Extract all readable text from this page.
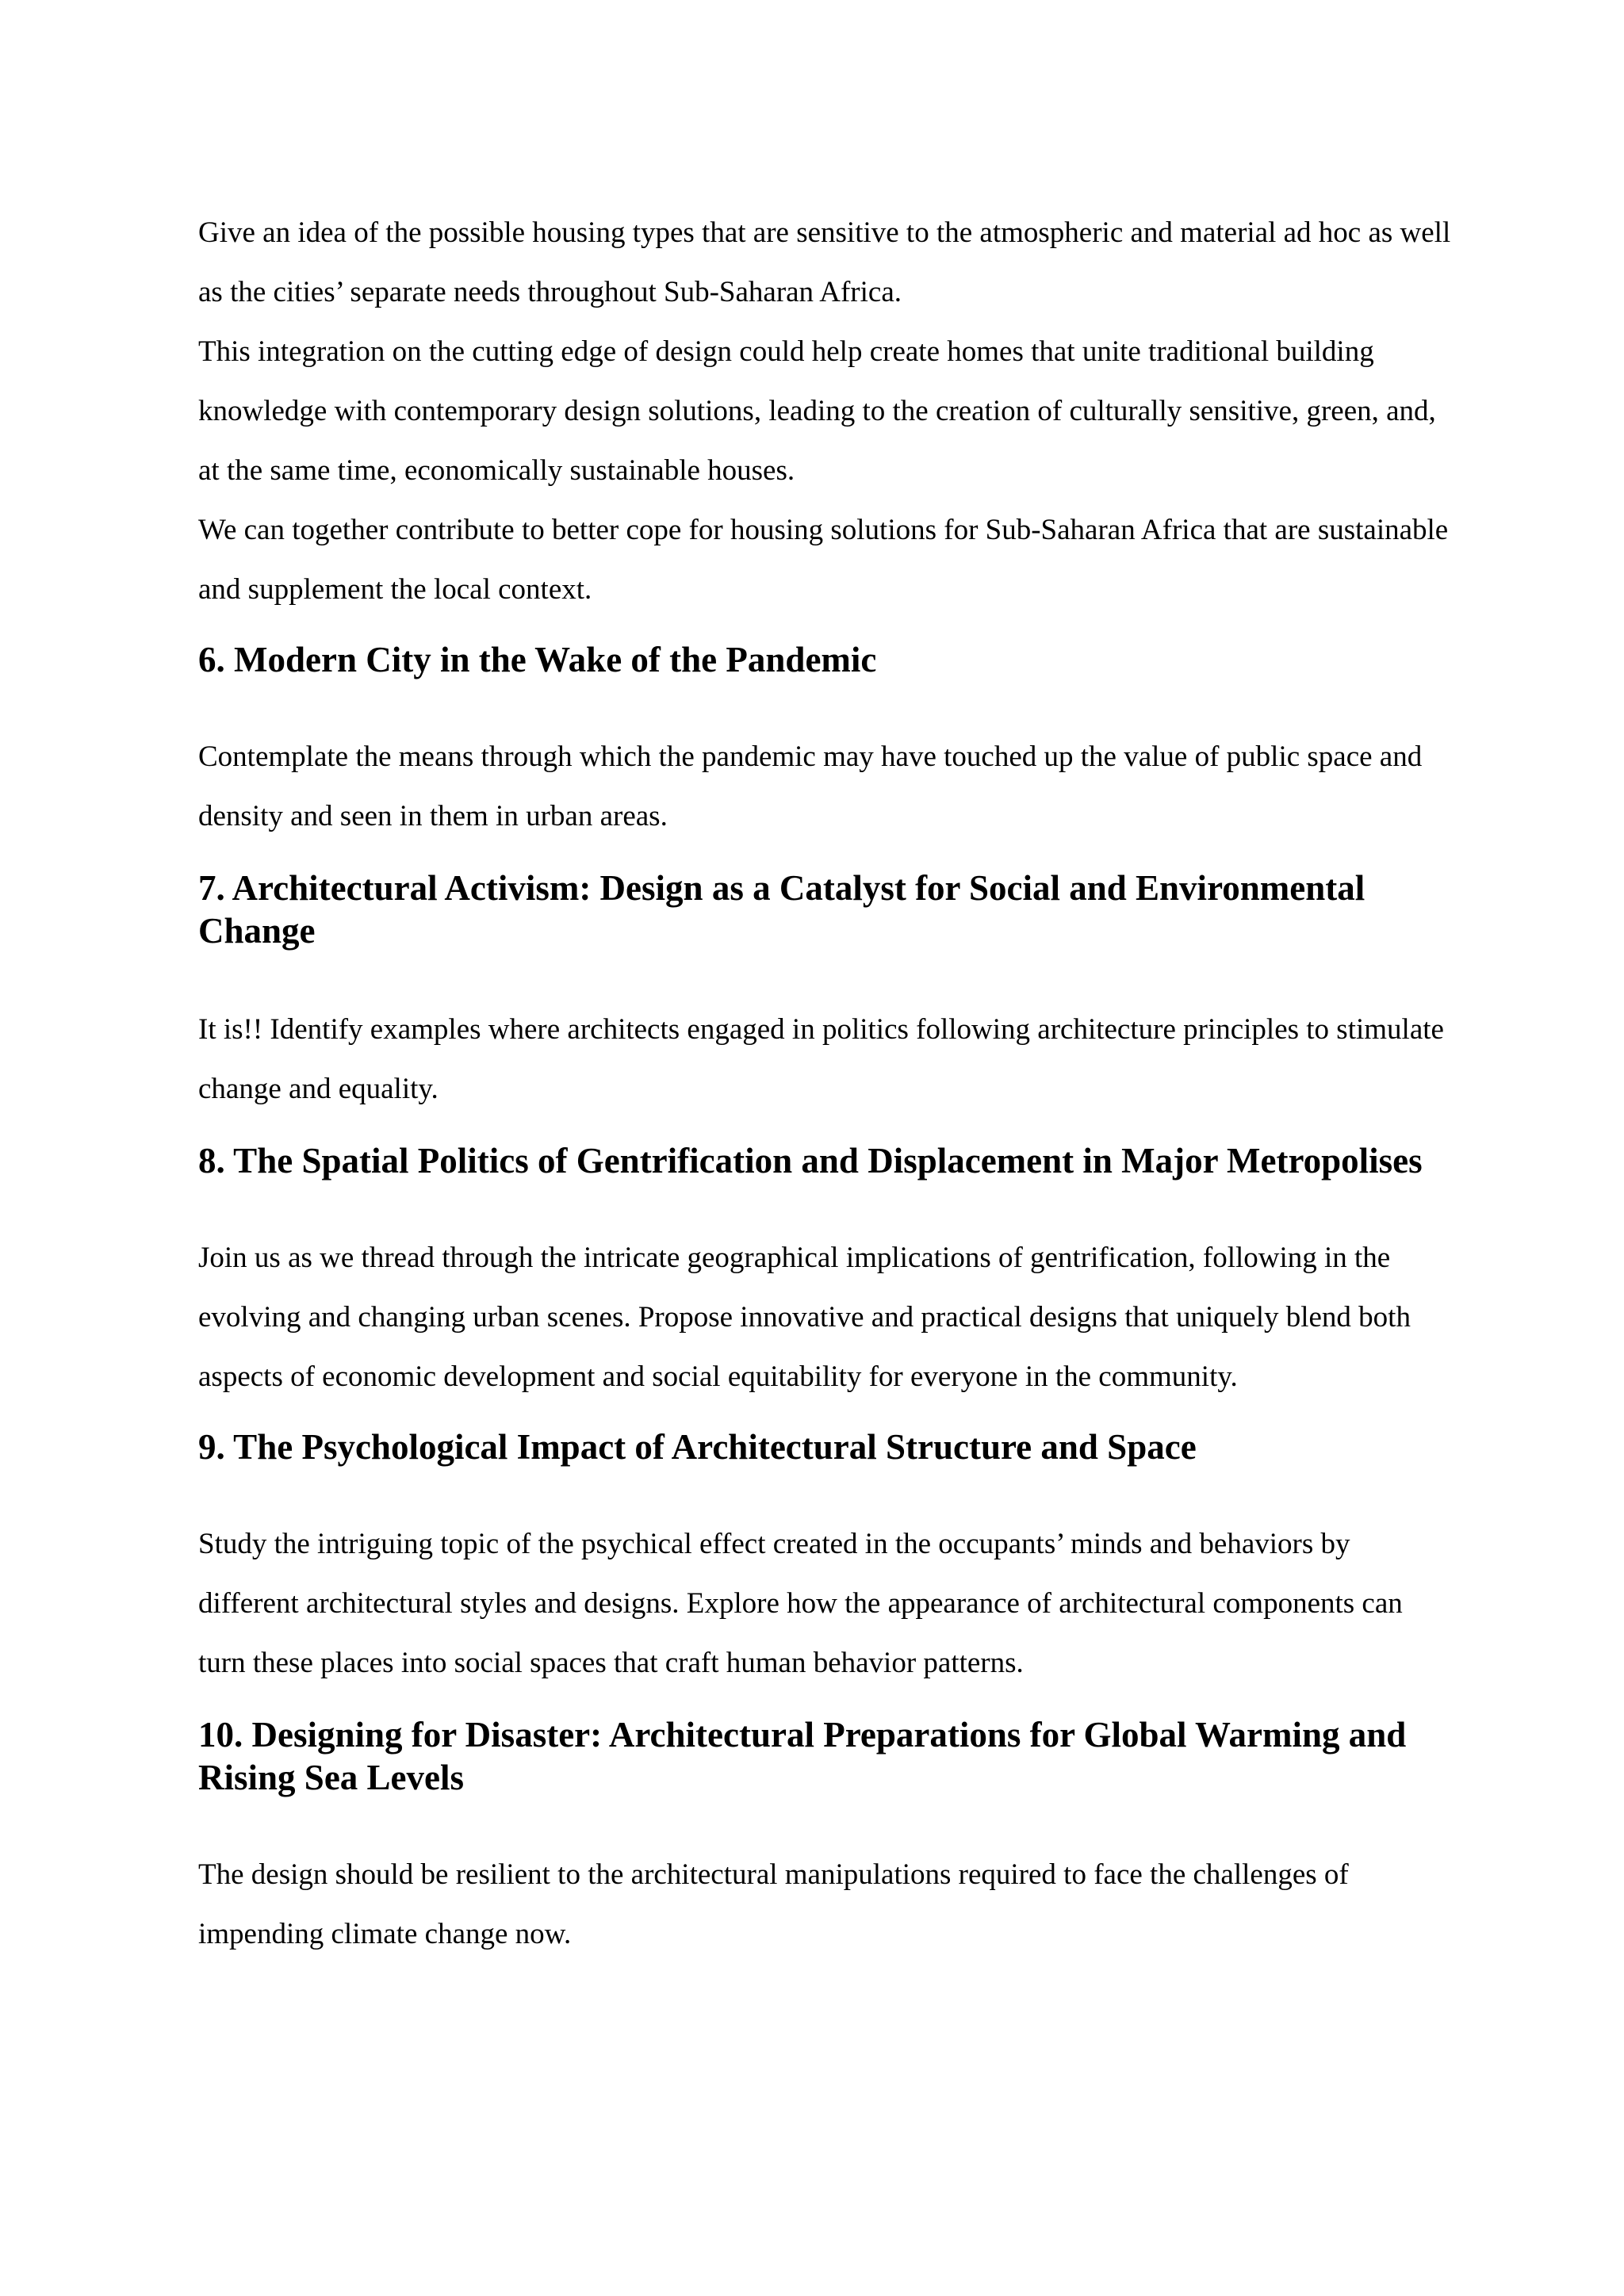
Give an idea of the possible housing types that are sensitive to the atmospheric and material ad hoc as well as the cities’ separate needs throughout Sub-Saharan Africa.

This integration on the cutting edge of design could help create homes that unite traditional building knowledge with contemporary design solutions, leading to the creation of culturally sensitive, green, and, at the same time, economically sustainable houses.

We can together contribute to better cope for housing solutions for Sub-Saharan Africa that are sustainable and supplement the local context.

6. Modern City in the Wake of the Pandemic

Contemplate the means through which the pandemic may have touched up the value of public space and density and seen in them in urban areas.

7. Architectural Activism: Design as a Catalyst for Social and Environmental Change

It is!! Identify examples where architects engaged in politics following architecture principles to stimulate change and equality.

8. The Spatial Politics of Gentrification and Displacement in Major Metropolises

Join us as we thread through the intricate geographical implications of gentrification, following in the evolving and changing urban scenes. Propose innovative and practical designs that uniquely blend both aspects of economic development and social equitability for everyone in the community.

9. The Psychological Impact of Architectural Structure and Space

Study the intriguing topic of the psychical effect created in the occupants’ minds and behaviors by different architectural styles and designs. Explore how the appearance of architectural components can turn these places into social spaces that craft human behavior patterns.

10. Designing for Disaster: Architectural Preparations for Global Warming and Rising Sea Levels

The design should be resilient to the architectural manipulations required to face the challenges of impending climate change now.
